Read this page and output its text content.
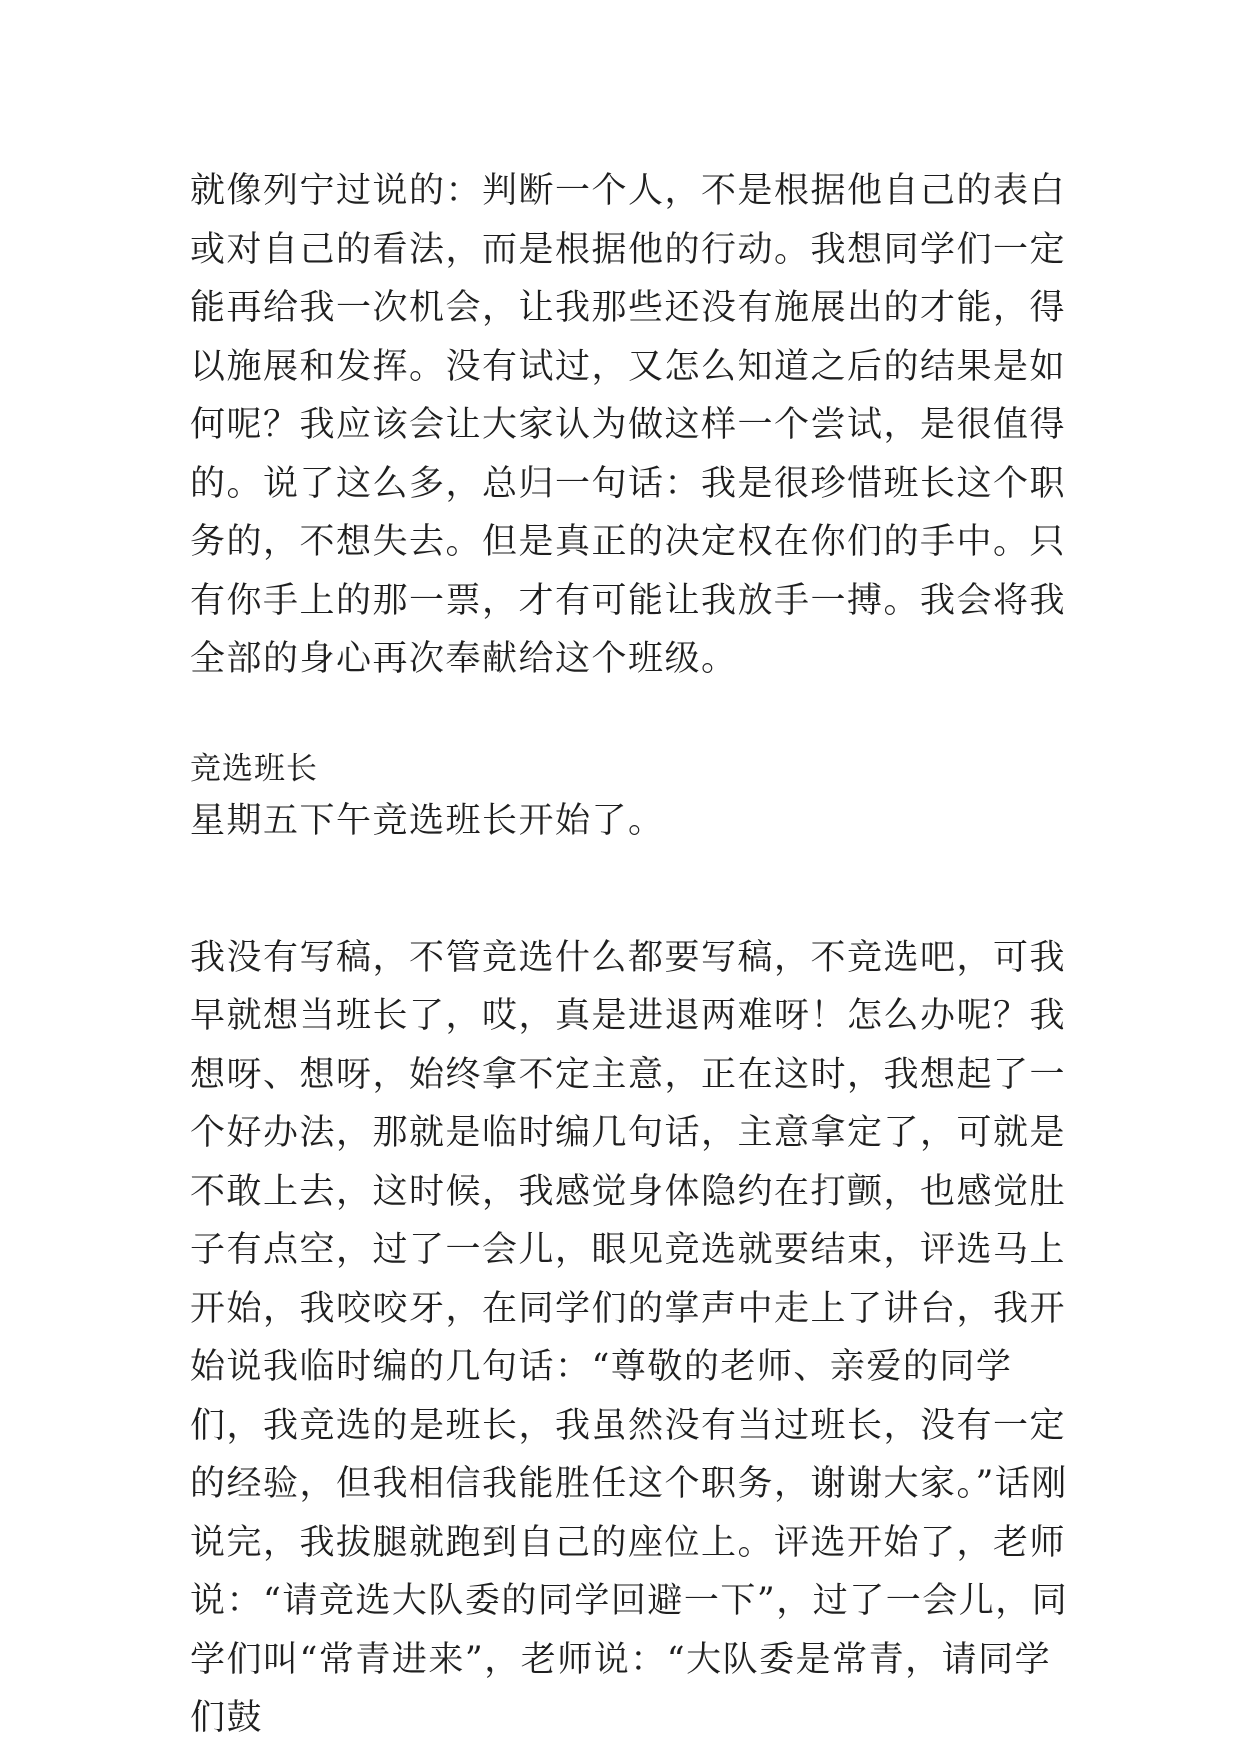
就像列宁过说的：判断一个人，不是根据他自己的表白或对自己的看法，而是根据他的行动。我想同学们一定能再给我一次机会，让我那些还没有施展出的才能，得以施展和发挥。没有试过，又怎么知道之后的结果是如何呢？我应该会让大家认为做这样一个尝试，是很值得的。说了这么多，总归一句话：我是很珍惜班长这个职务的，不想失去。但是真正的决定权在你们的手中。只有你手上的那一票，才有可能让我放手一搏。我会将我全部的身心再次奉献给这个班级。

竞选班长

星期五下午竞选班长开始了。

我没有写稿，不管竞选什么都要写稿，不竞选吧，可我早就想当班长了，哎，真是进退两难呀！怎么办呢？我想呀、想呀，始终拿不定主意，正在这时，我想起了一个好办法，那就是临时编几句话，主意拿定了，可就是不敢上去，这时候，我感觉身体隐约在打颤，也感觉肚子有点空，过了一会儿，眼见竞选就要结束，评选马上开始，我咬咬牙，在同学们的掌声中走上了讲台，我开始说我临时编的几句话：“尊敬的老师、亲爱的同学们，我竞选的是班长，我虽然没有当过班长，没有一定的经验，但我相信我能胜任这个职务，谢谢大家。”话刚说完，我拔腿就跑到自己的座位上。评选开始了，老师说：“请竞选大队委的同学回避一下”，过了一会儿，同学们叫“常青进来”，老师说：“大队委是常青，请同学们鼓
